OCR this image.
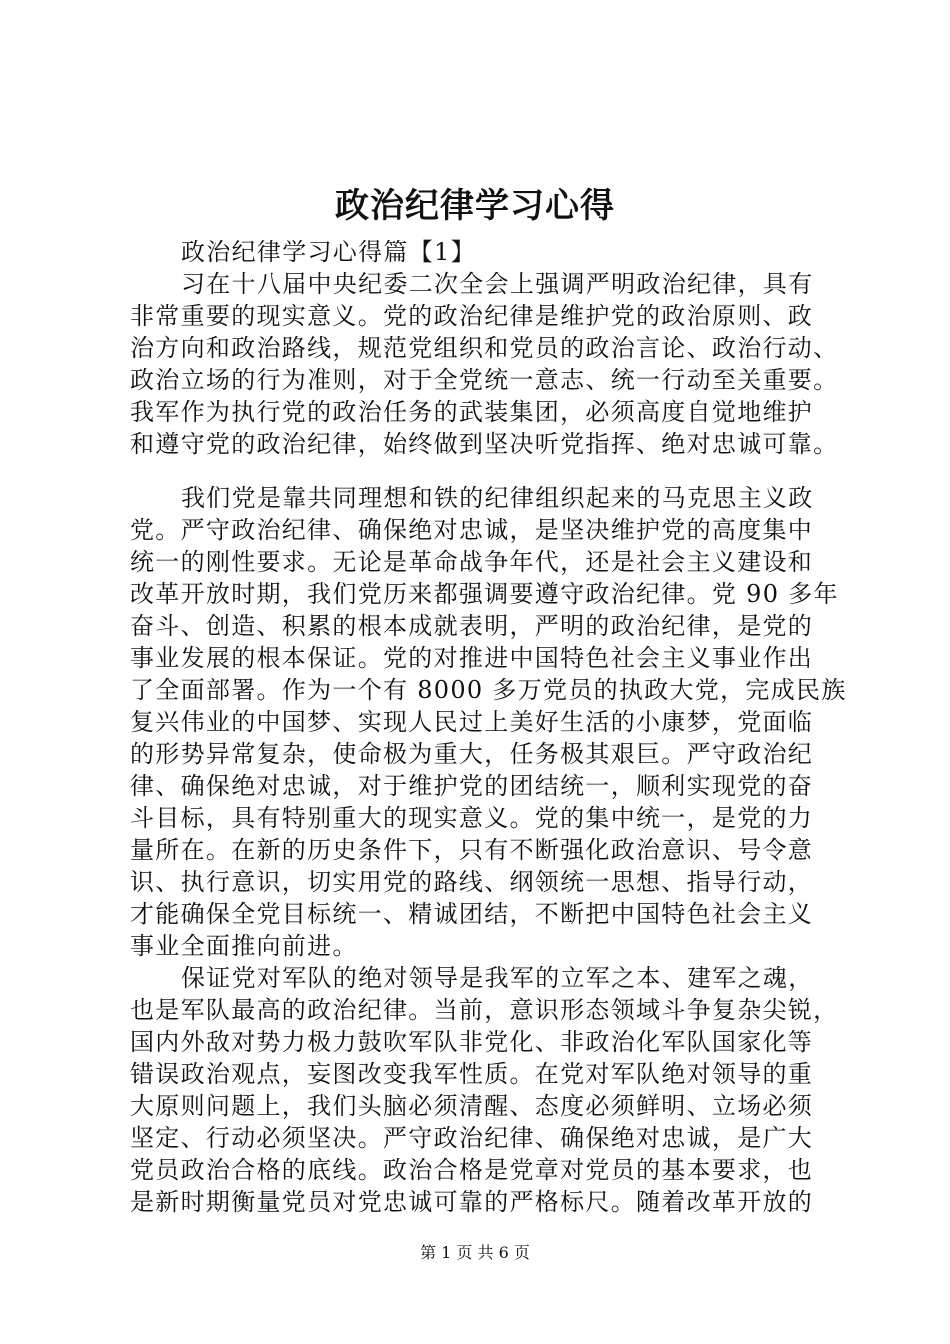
政治纪律学习心得
政治纪律学习心得篇【1】
习在十八届中央纪委二次全会上强调严明政治纪律，具有
非常重要的现实意义。党的政治纪律是维护党的政治原则、政
治方向和政治路线，规范党组织和党员的政治言论、政治行动、
政治立场的行为准则，对于全党统一意志、统一行动至关重要。
我军作为执行党的政治任务的武装集团，必须高度自觉地维护
和遵守党的政治纪律，始终做到坚决听党指挥、绝对忠诚可靠。
我们党是靠共同理想和铁的纪律组织起来的马克思主义政
党。严守政治纪律、确保绝对忠诚，是坚决维护党的高度集中
统一的刚性要求。无论是革命战争年代，还是社会主义建设和
改革开放时期，我们党历来都强调要遵守政治纪律。党 90 多年
奋斗、创造、积累的根本成就表明，严明的政治纪律，是党的
事业发展的根本保证。党的对推进中国特色社会主义事业作出
了全面部署。作为一个有 8000 多万党员的执政大党，完成民族
复兴伟业的中国梦、实现人民过上美好生活的小康梦，党面临
的形势异常复杂，使命极为重大，任务极其艰巨。严守政治纪
律、确保绝对忠诚，对于维护党的团结统一，顺利实现党的奋
斗目标，具有特别重大的现实意义。党的集中统一，是党的力
量所在。在新的历史条件下，只有不断强化政治意识、号令意
识、执行意识，切实用党的路线、纲领统一思想、指导行动，
才能确保全党目标统一、精诚团结，不断把中国特色社会主义
事业全面推向前进。
保证党对军队的绝对领导是我军的立军之本、建军之魂，
也是军队最高的政治纪律。当前，意识形态领域斗争复杂尖锐，
国内外敌对势力极力鼓吹军队非党化、非政治化军队国家化等
错误政治观点，妄图改变我军性质。在党对军队绝对领导的重
大原则问题上，我们头脑必须清醒、态度必须鲜明、立场必须
坚定、行动必须坚决。严守政治纪律、确保绝对忠诚，是广大
党员政治合格的底线。政治合格是党章对党员的基本要求，也
是新时期衡量党员对党忠诚可靠的严格标尺。随着改革开放的
第 1 页 共 6 页
